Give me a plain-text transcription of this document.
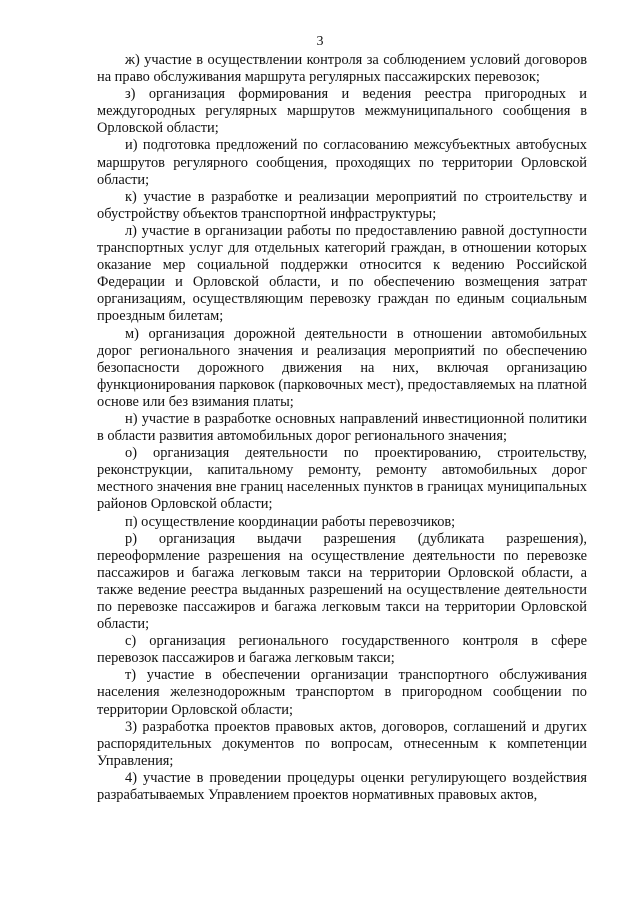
3

ж) участие в осуществлении контроля за соблюдением условий договоров на право обслуживания маршрута регулярных пассажирских перевозок;

з) организация формирования и ведения реестра пригородных и междугородных регулярных маршрутов межмуниципального сообщения в Орловской области;

и) подготовка предложений по согласованию межсубъектных автобусных маршрутов регулярного сообщения, проходящих по территории Орловской области;

к) участие в разработке и реализации мероприятий по строительству и обустройству объектов транспортной инфраструктуры;

л) участие в организации работы по предоставлению равной доступности транспортных услуг для отдельных категорий граждан, в отношении которых оказание мер социальной поддержки относится к ведению Российской Федерации и Орловской области, и по обеспечению возмещения затрат организациям, осуществляющим перевозку граждан по единым социальным проездным билетам;

м) организация дорожной деятельности в отношении автомобильных дорог регионального значения и реализация мероприятий по обеспечению безопасности дорожного движения на них, включая организацию функционирования парковок (парковочных мест), предоставляемых на платной основе или без взимания платы;

н) участие в разработке основных направлений инвестиционной политики в области развития автомобильных дорог регионального значения;

о) организация деятельности по проектированию, строительству, реконструкции, капитальному ремонту, ремонту автомобильных дорог местного значения вне границ населенных пунктов в границах муниципальных районов Орловской области;

п) осуществление координации работы перевозчиков;

р) организация выдачи разрешения (дубликата разрешения), переоформление разрешения на осуществление деятельности по перевозке пассажиров и багажа легковым такси на территории Орловской области, а также ведение реестра выданных разрешений на осуществление деятельности по перевозке пассажиров и багажа легковым такси на территории Орловской области;

с) организация регионального государственного контроля в сфере перевозок пассажиров и багажа легковым такси;

т) участие в обеспечении организации транспортного обслуживания населения железнодорожным транспортом в пригородном сообщении по территории Орловской области;

3) разработка проектов правовых актов, договоров, соглашений и других распорядительных документов по вопросам, отнесенным к компетенции Управления;

4) участие в проведении процедуры оценки регулирующего воздействия разрабатываемых Управлением проектов нормативных правовых актов,
